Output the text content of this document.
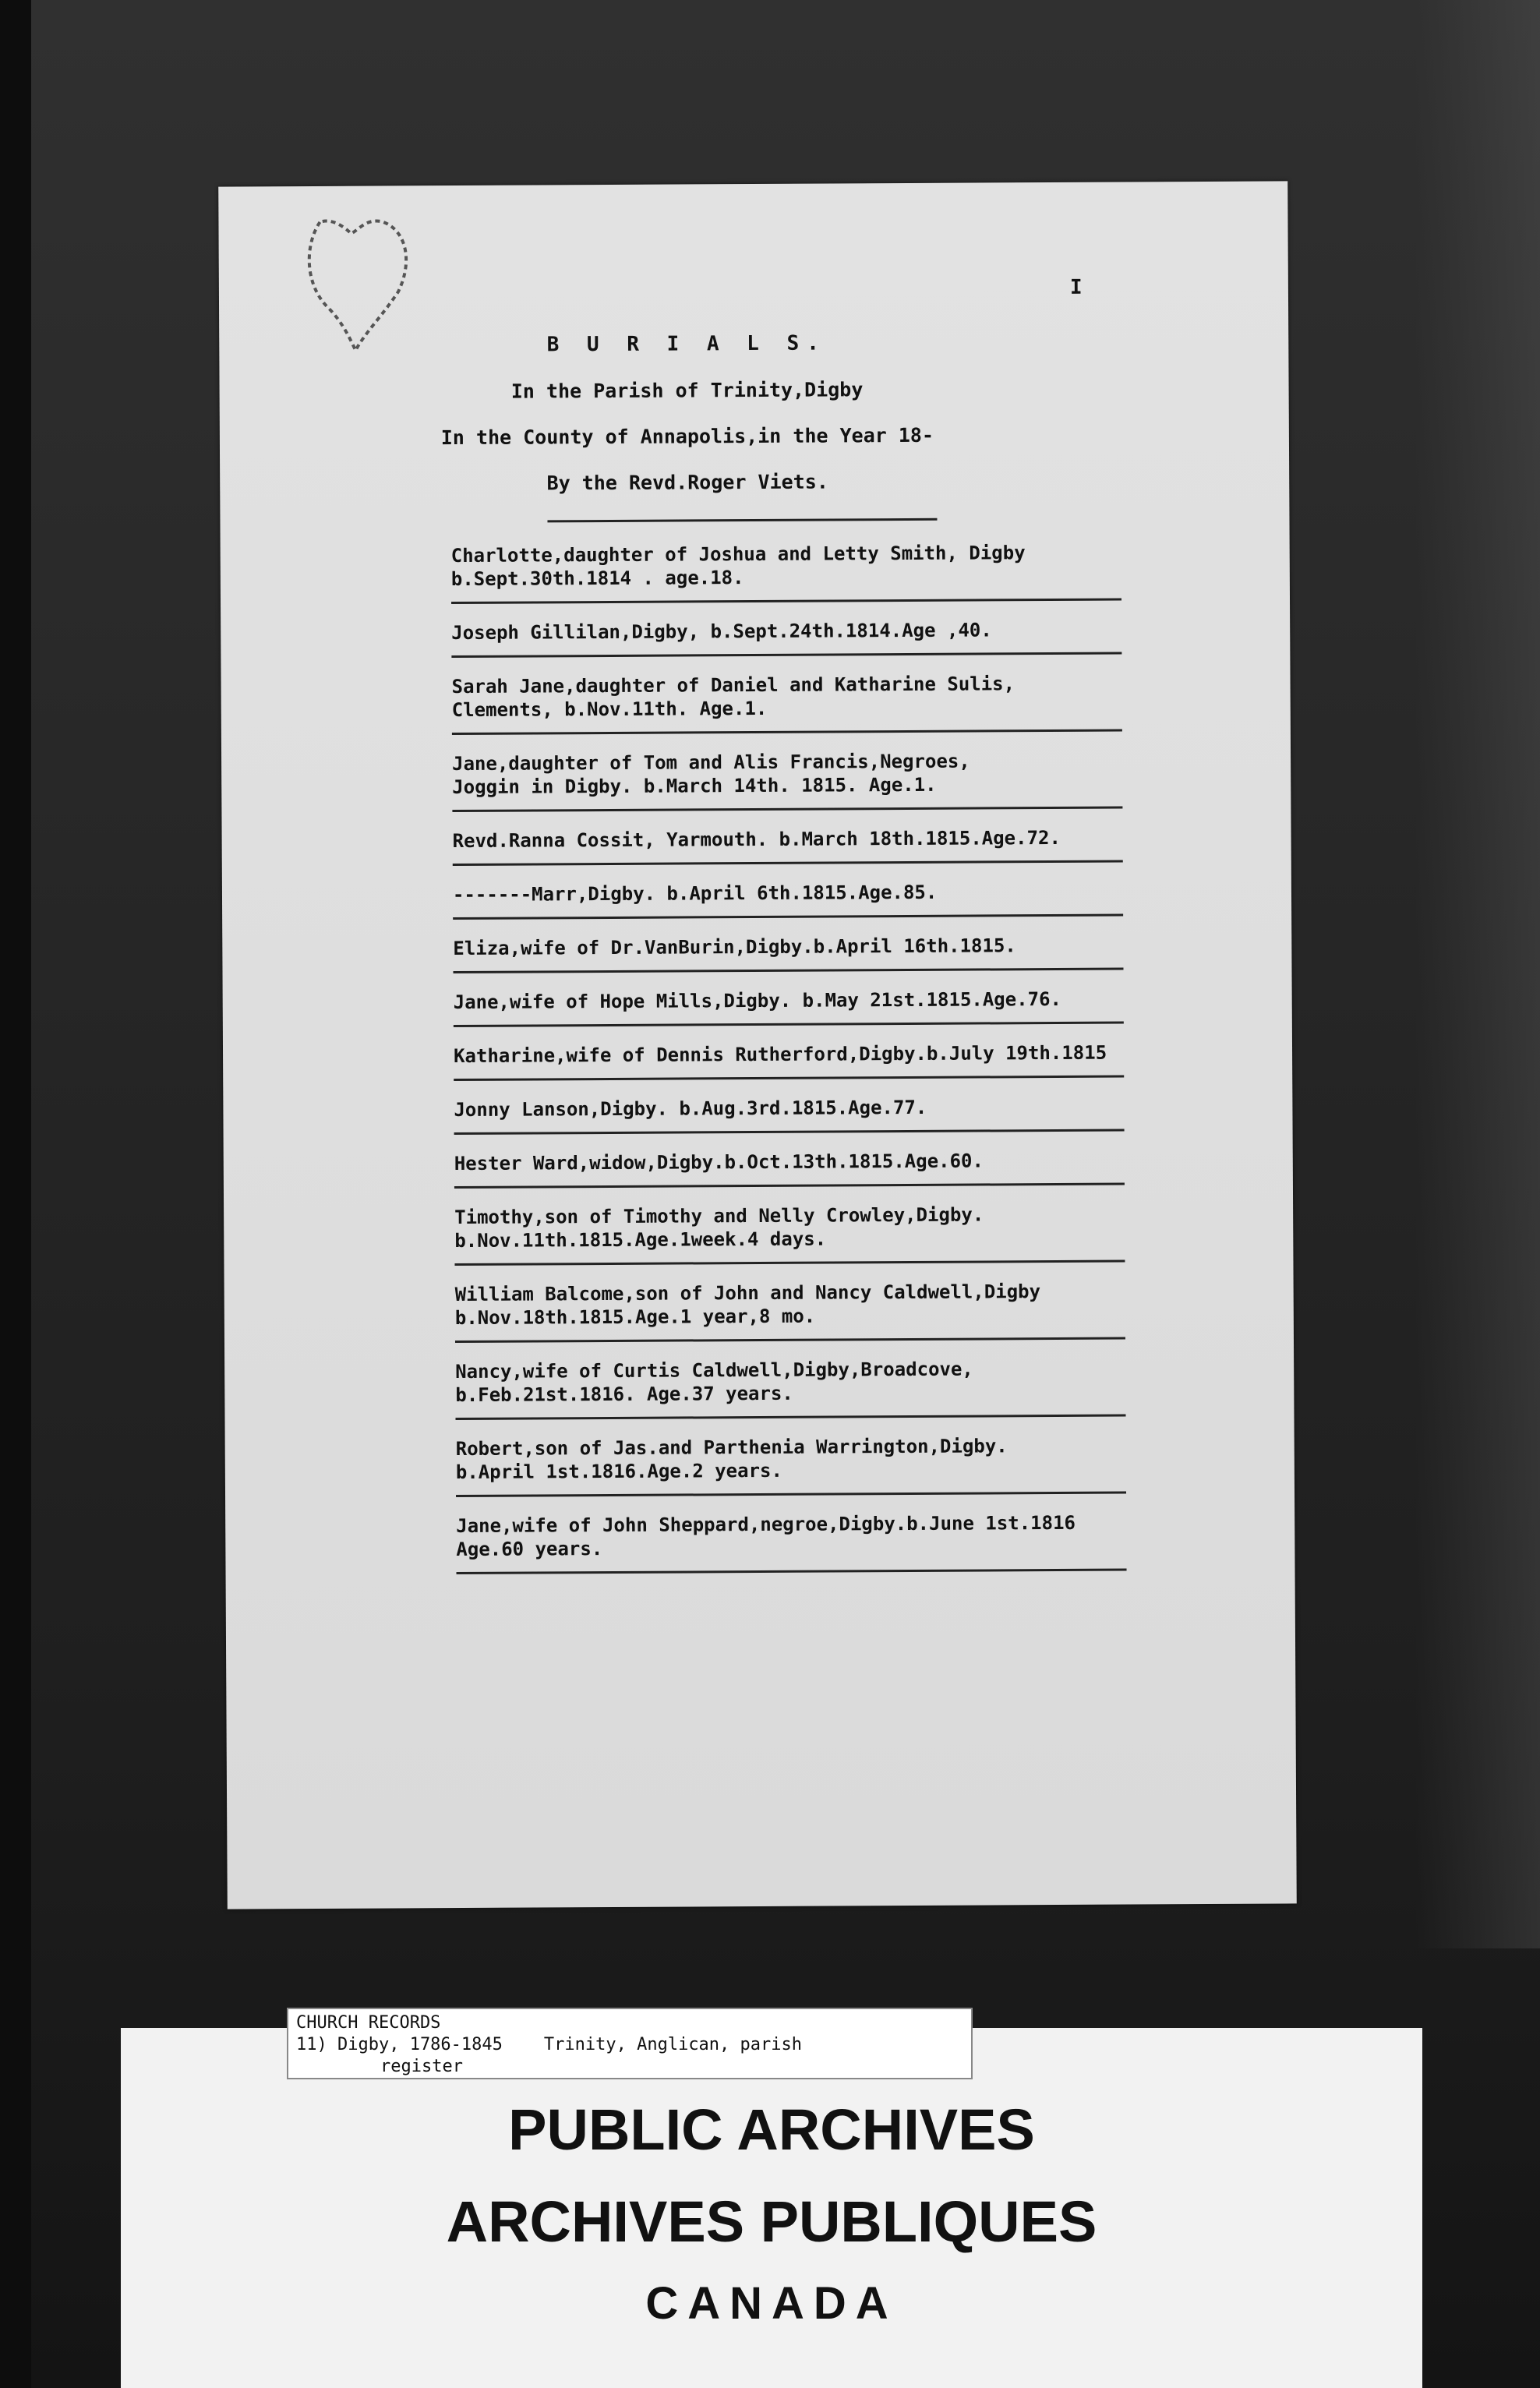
I
B U R I A L S.
In the Parish of Trinity,Digby
In the County of Annapolis,in the Year 18-
By the Revd.Roger Viets.
Charlotte,daughter of Joshua and Letty Smith, Digby
b.Sept.30th.1814 . age.18.
Joseph Gillilan,Digby, b.Sept.24th.1814.Age ,40.
Sarah Jane,daughter of Daniel and Katharine Sulis,
Clements, b.Nov.11th. Age.1.
Jane,daughter of Tom and Alis Francis,Negroes,
Joggin in Digby. b.March 14th. 1815. Age.1.
Revd.Ranna Cossit, Yarmouth. b.March 18th.1815.Age.72.
-------Marr,Digby. b.April 6th.1815.Age.85.
Eliza,wife of Dr.VanBurin,Digby.b.April 16th.1815.
Jane,wife of Hope Mills,Digby. b.May 21st.1815.Age.76.
Katharine,wife of Dennis Rutherford,Digby.b.July 19th.1815
Jonny Lanson,Digby. b.Aug.3rd.1815.Age.77.
Hester Ward,widow,Digby.b.Oct.13th.1815.Age.60.
Timothy,son of Timothy and Nelly Crowley,Digby.
b.Nov.11th.1815.Age.1week.4 days.
William Balcome,son of John and Nancy Caldwell,Digby
b.Nov.18th.1815.Age.1 year,8 mo.
Nancy,wife of Curtis Caldwell,Digby,Broadcove,
b.Feb.21st.1816. Age.37 years.
Robert,son of Jas.and Parthenia Warrington,Digby.
b.April 1st.1816.Age.2 years.
Jane,wife of John Sheppard,negroe,Digby.b.June 1st.1816
Age.60 years.
CHURCH RECORDS
11) Digby, 1786-1845    Trinity, Anglican, parish
register
PUBLIC ARCHIVES
ARCHIVES PUBLIQUES
CANADA
